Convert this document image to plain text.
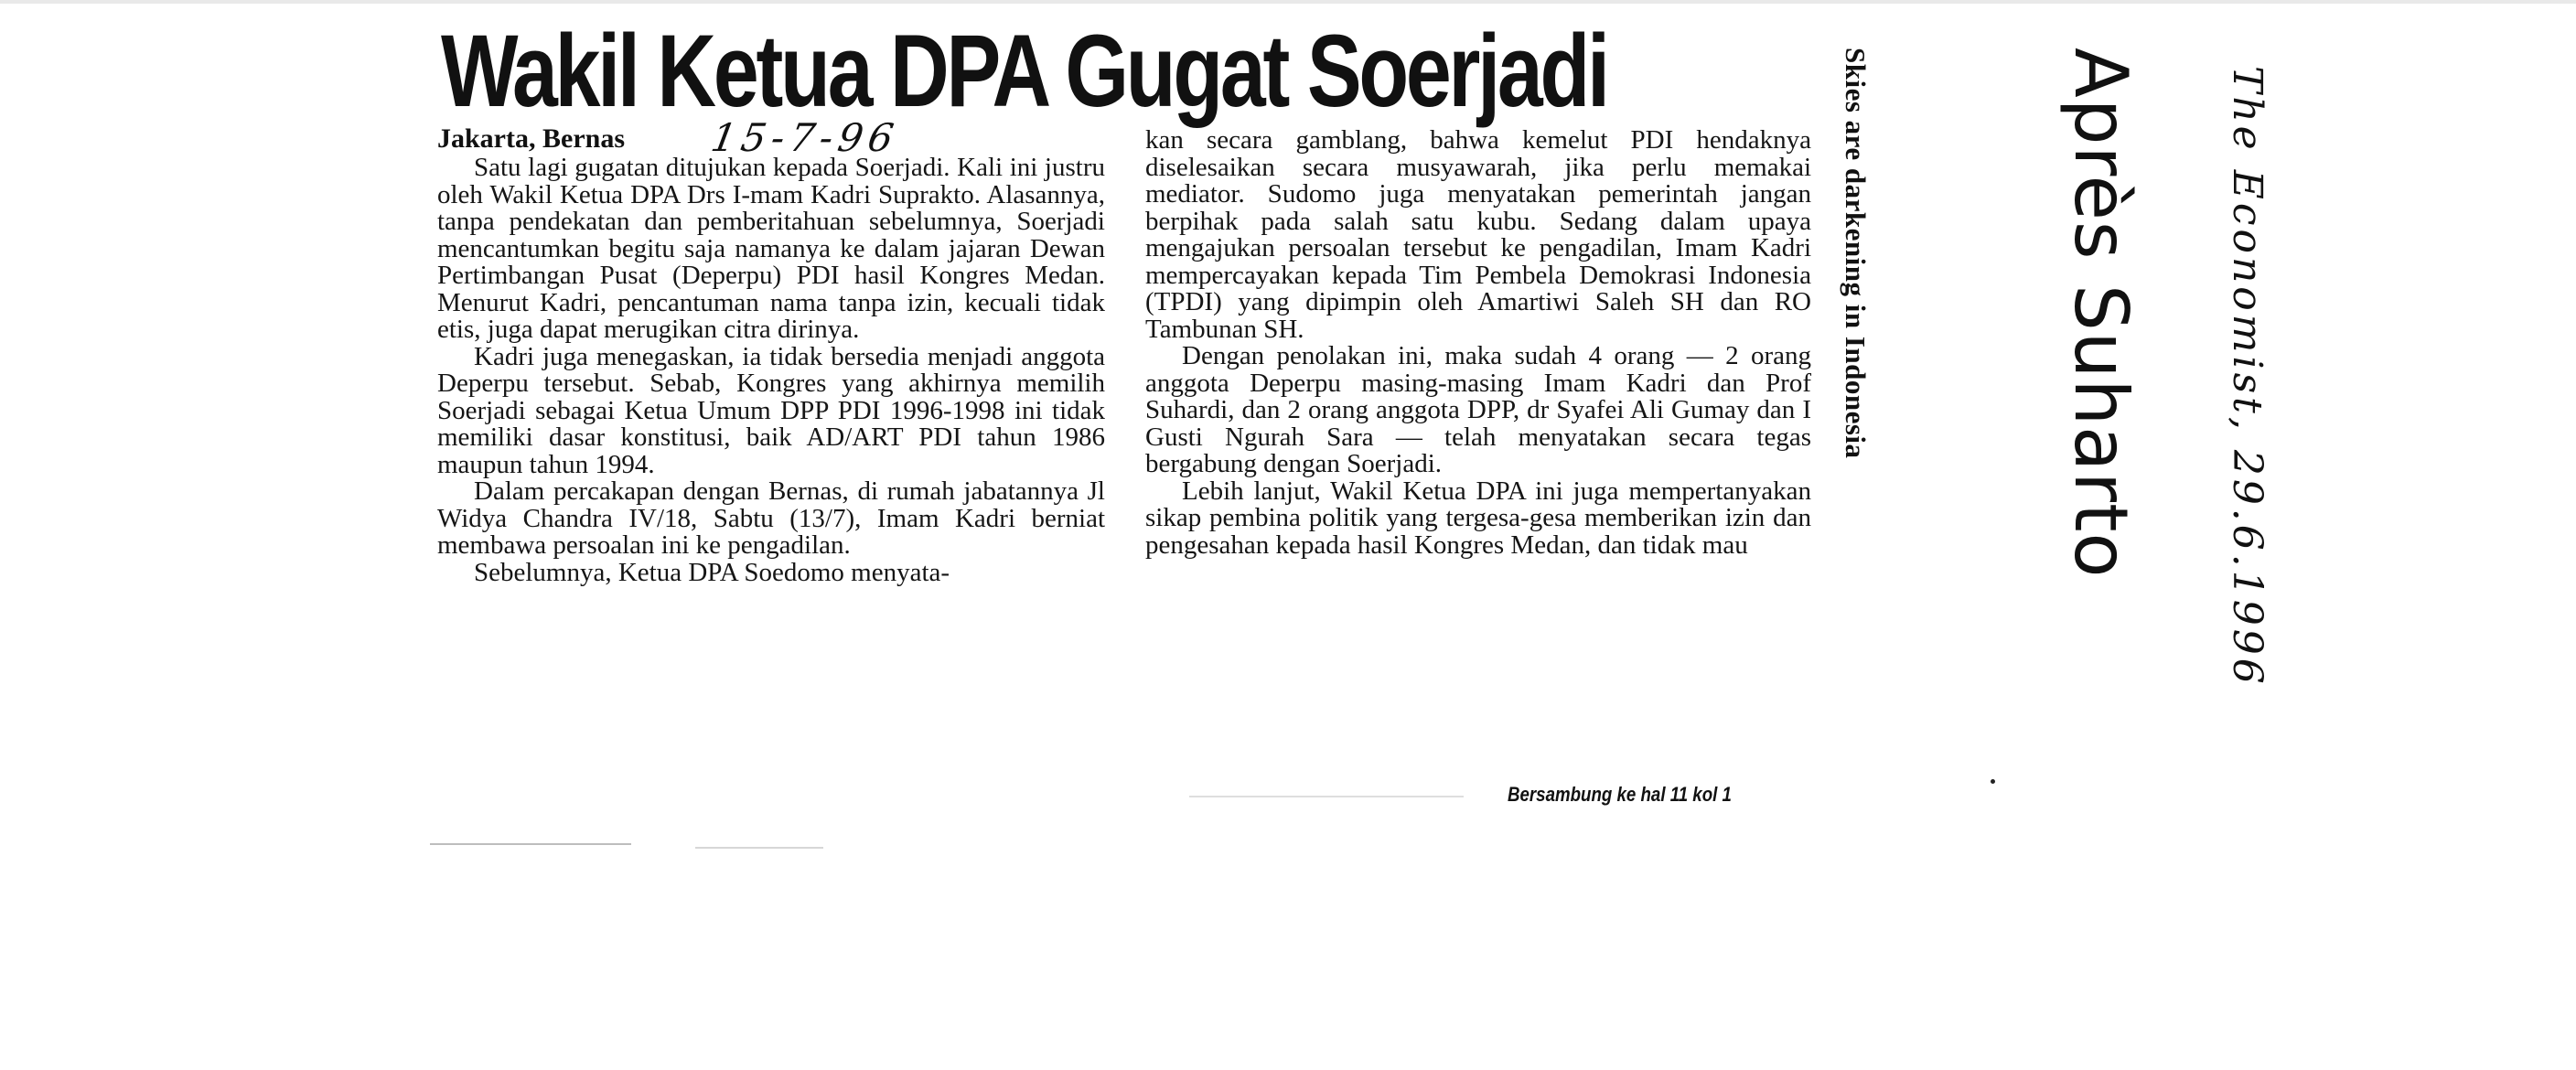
Wakil Ketua DPA Gugat Soerjadi
Jakarta, Bernas 15-7-96

Satu lagi gugatan ditujukan kepada Soerjadi. Kali ini justru oleh Wakil Ketua DPA Drs I-mam Kadri Suprakto. Alasannya, tanpa pendekatan dan pemberitahuan sebelumnya, Soerjadi mencantumkan begitu saja namanya ke dalam jajaran Dewan Pertimbangan Pusat (Deperpu) PDI hasil Kongres Medan. Menurut Kadri, pencantuman nama tanpa izin, kecuali tidak etis, juga dapat merugikan citra dirinya.

Kadri juga menegaskan, ia tidak bersedia menjadi anggota Deperpu tersebut. Sebab, Kongres yang akhirnya memilih Soerjadi sebagai Ketua Umum DPP PDI 1996-1998 ini tidak memiliki dasar konstitusi, baik AD/ART PDI tahun 1986 maupun tahun 1994.

Dalam percakapan dengan Bernas, di rumah jabatannya Jl Widya Chandra IV/18, Sabtu (13/7), Imam Kadri berniat membawa persoalan ini ke pengadilan.

Sebelumnya, Ketua DPA Soedomo menyata-

kan secara gamblang, bahwa kemelut PDI hendaknya diselesaikan secara musyawarah, jika perlu memakai mediator. Sudomo juga menyatakan pemerintah jangan berpihak pada salah satu kubu. Sedang dalam upaya mengajukan persoalan tersebut ke pengadilan, Imam Kadri mempercayakan kepada Tim Pembela Demokrasi Indonesia (TPDI) yang dipimpin oleh Amartiwi Saleh SH dan RO Tambunan SH.

Dengan penolakan ini, maka sudah 4 orang — 2 orang anggota Deperpu masing-masing Imam Kadri dan Prof Suhardi, dan 2 orang anggota DPP, dr Syafei Ali Gumay dan I Gusti Ngurah Sara — telah menyatakan secara tegas bergabung dengan Soerjadi.

Lebih lanjut, Wakil Ketua DPA ini juga mempertanyakan sikap pembina politik yang tergesa-gesa memberikan izin dan pengesahan kepada hasil Kongres Medan, dan tidak mau

Bersambung ke hal 11 kol 1
Skies are darkening in Indonesia	Après Suharto The Economist, 29.6.1996
